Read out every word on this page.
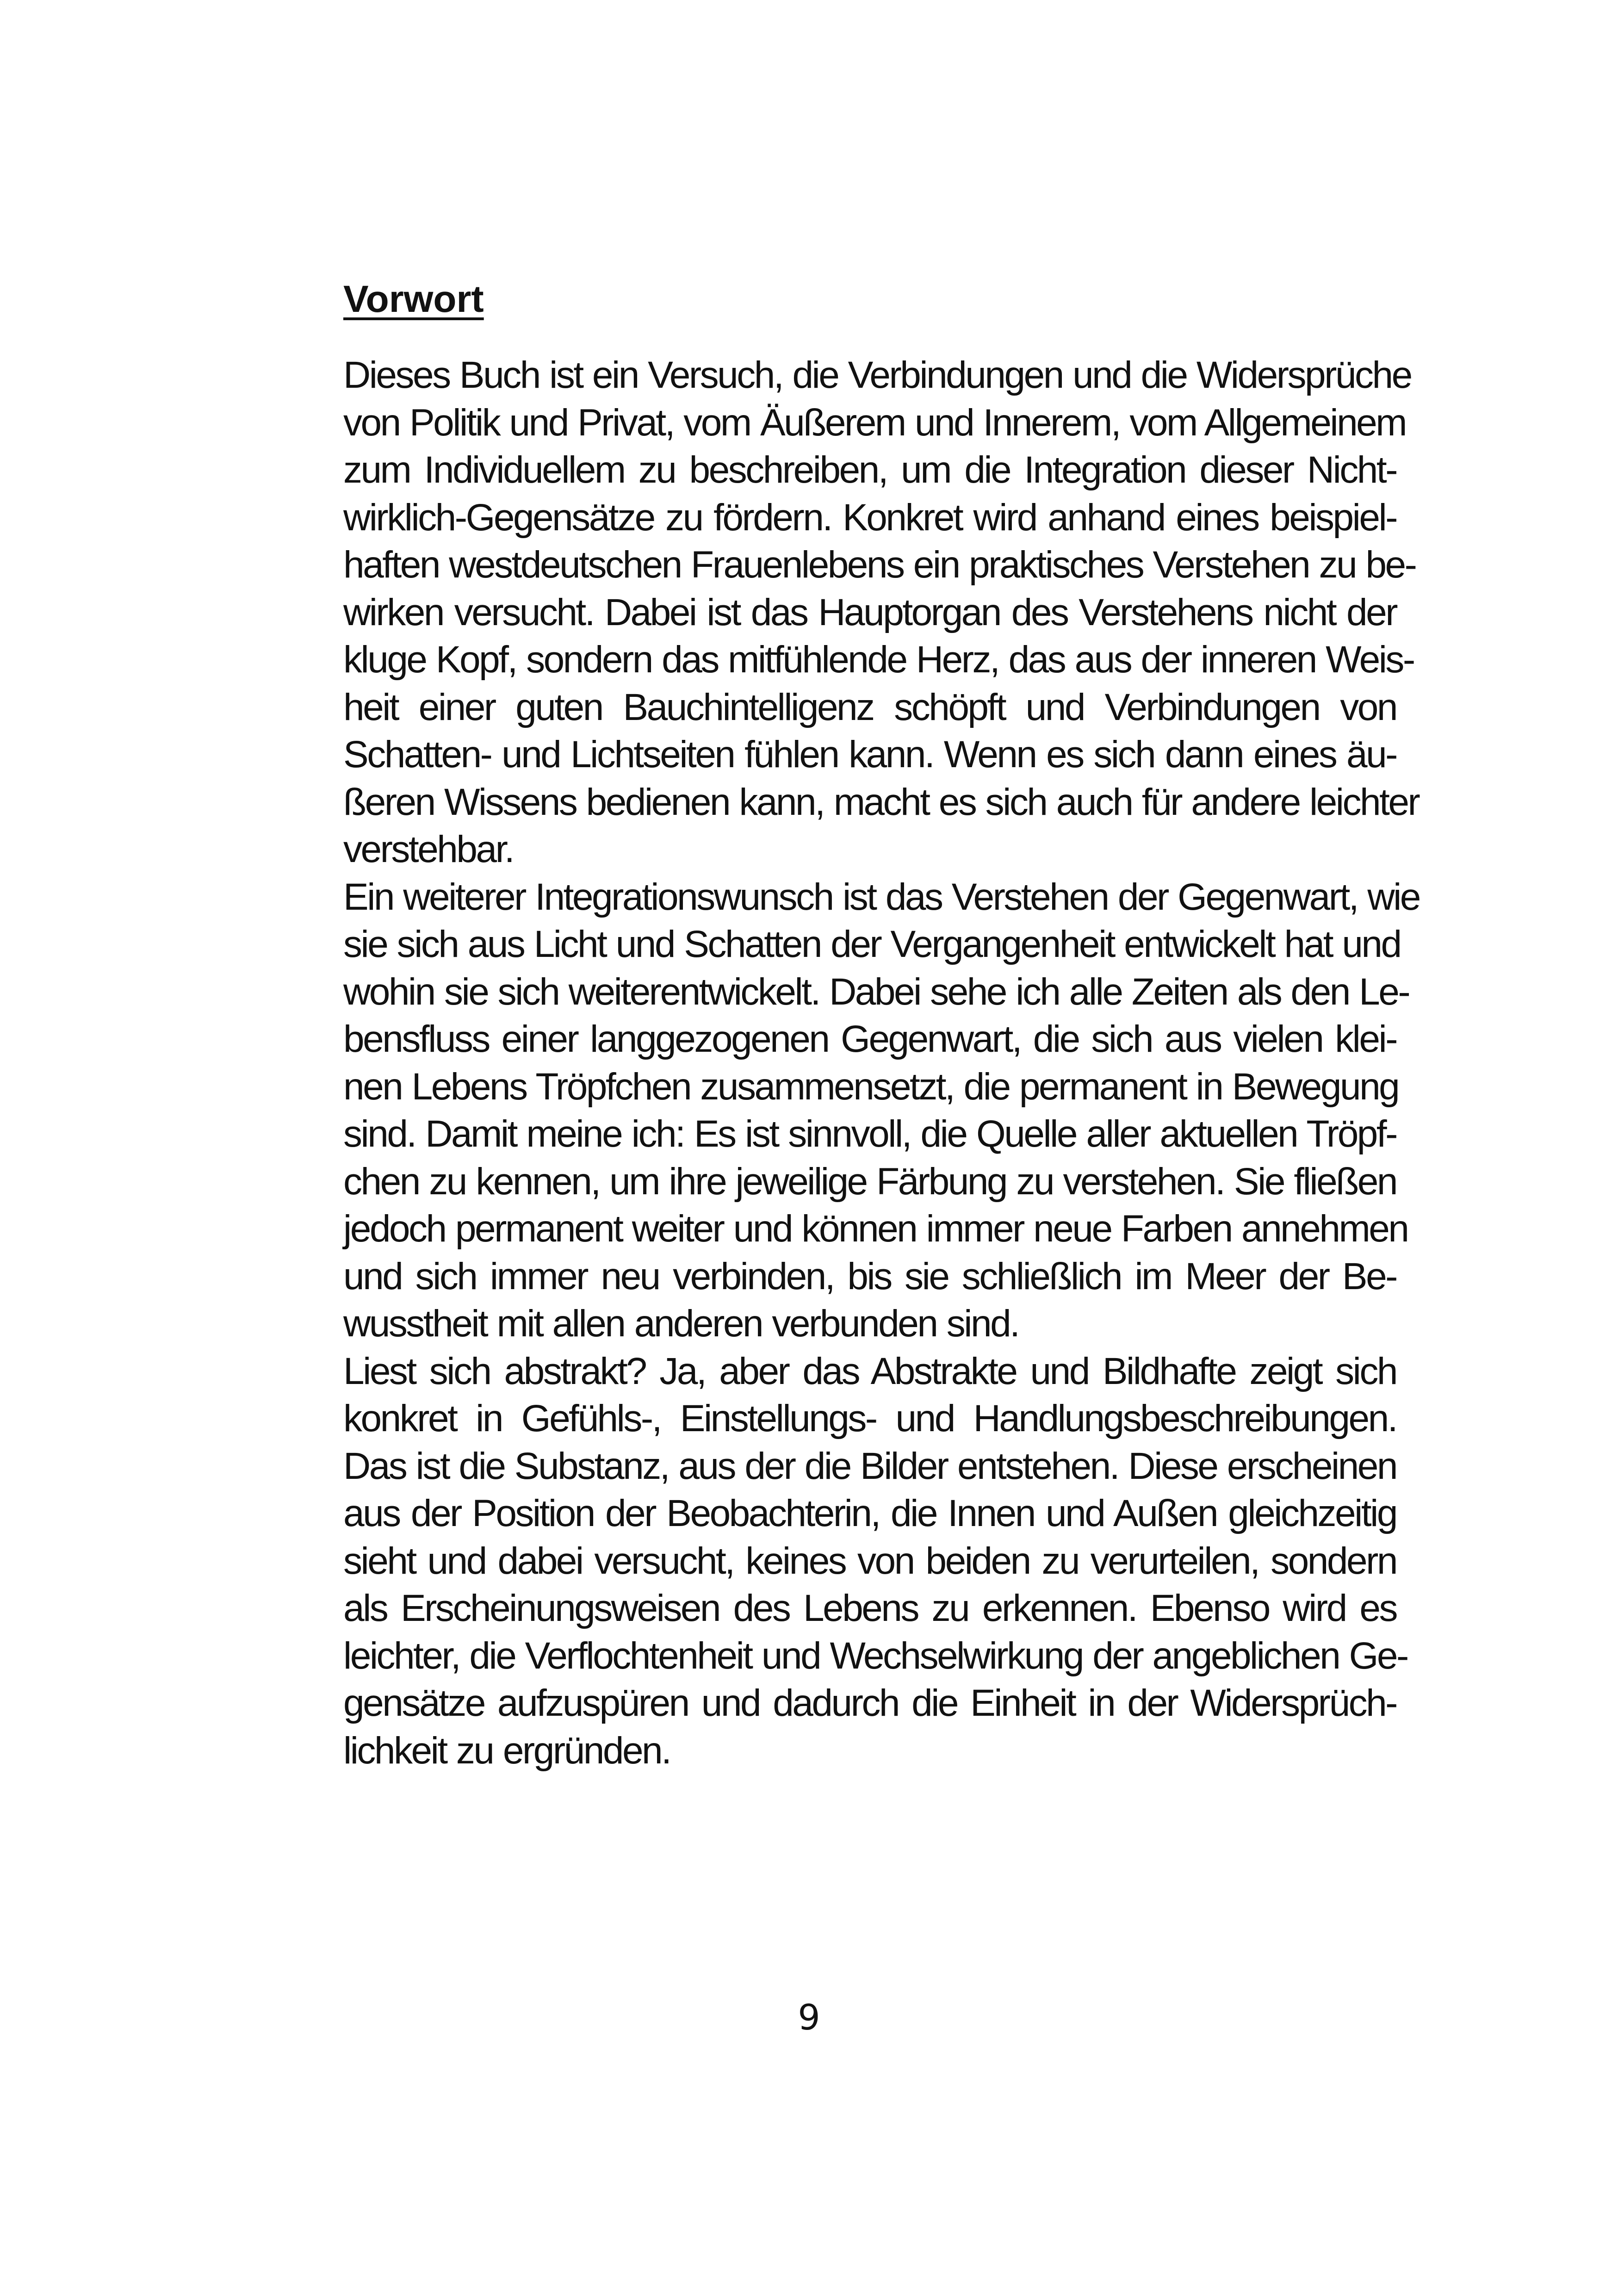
Vorwort

Dieses Buch ist ein Versuch, die Verbindungen und die Widersprüche
von Politik und Privat, vom Äußerem und Innerem, vom Allgemeinem
zum Individuellem zu beschreiben, um die Integration dieser Nicht-
wirklich-Gegensätze zu fördern. Konkret wird anhand eines beispiel-
haften westdeutschen Frauenlebens ein praktisches Verstehen zu be-
wirken versucht. Dabei ist das Hauptorgan des Verstehens nicht der
kluge Kopf, sondern das mitfühlende Herz, das aus der inneren Weis-
heit einer guten Bauchintelligenz schöpft und Verbindungen von
Schatten- und Lichtseiten fühlen kann. Wenn es sich dann eines äu-
ßeren Wissens bedienen kann, macht es sich auch für andere leichter
verstehbar.

Ein weiterer Integrationswunsch ist das Verstehen der Gegenwart, wie
sie sich aus Licht und Schatten der Vergangenheit entwickelt hat und
wohin sie sich weiterentwickelt. Dabei sehe ich alle Zeiten als den Le-
bensfluss einer langgezogenen Gegenwart, die sich aus vielen klei-
nen Lebens Tröpfchen zusammensetzt, die permanent in Bewegung
sind. Damit meine ich: Es ist sinnvoll, die Quelle aller aktuellen Tröpf-
chen zu kennen, um ihre jeweilige Färbung zu verstehen. Sie fließen
jedoch permanent weiter und können immer neue Farben annehmen
und sich immer neu verbinden, bis sie schließlich im Meer der Be-
wusstheit mit allen anderen verbunden sind.

Liest sich abstrakt? Ja, aber das Abstrakte und Bildhafte zeigt sich
konkret in Gefühls-, Einstellungs- und Handlungsbeschreibungen.
Das ist die Substanz, aus der die Bilder entstehen. Diese erscheinen
aus der Position der Beobachterin, die Innen und Außen gleichzeitig
sieht und dabei versucht, keines von beiden zu verurteilen, sondern
als Erscheinungsweisen des Lebens zu erkennen. Ebenso wird es
leichter, die Verflochtenheit und Wechselwirkung der angeblichen Ge-
gensätze aufzuspüren und dadurch die Einheit in der Widersprüch-
lichkeit zu ergründen.

9
